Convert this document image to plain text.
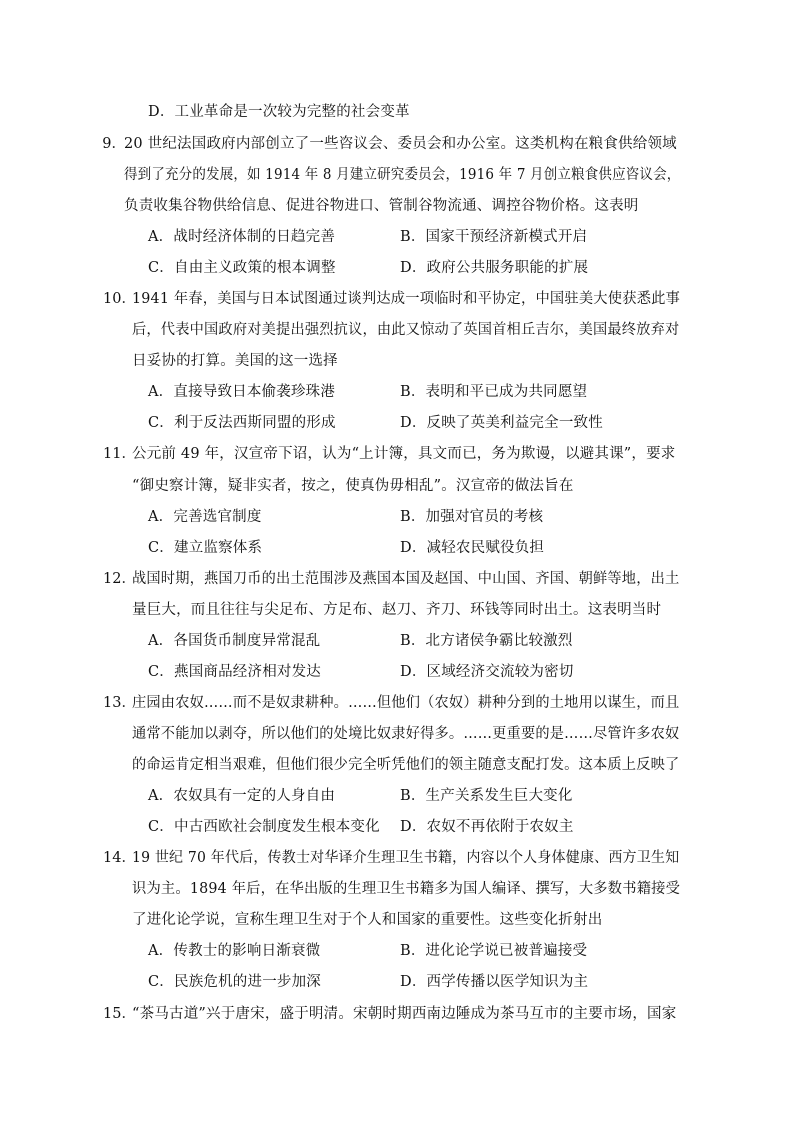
D．工业革命是一次较为完整的社会变革
9．
20 世纪法国政府内部创立了一些咨议会、委员会和办公室。这类机构在粮食供给领域
得到了充分的发展，如 1914 年 8 月建立研究委员会，1916 年 7 月创立粮食供应咨议会，
负责收集谷物供给信息、促进谷物进口、管制谷物流通、调控谷物价格。这表明
A．战时经济体制的日趋完善	B．国家干预经济新模式开启
C．自由主义政策的根本调整	D．政府公共服务职能的扩展
10．
1941 年春，美国与日本试图通过谈判达成一项临时和平协定，中国驻美大使获悉此事
后，代表中国政府对美提出强烈抗议，由此又惊动了英国首相丘吉尔，美国最终放弃对
日妥协的打算。美国的这一选择
A．直接导致日本偷袭珍珠港	B．表明和平已成为共同愿望
C．利于反法西斯同盟的形成	D．反映了英美利益完全一致性
11．
公元前 49 年，汉宣帝下诏，认为“上计簿，具文而已，务为欺谩，以避其课”，要求
“御史察计簿，疑非实者，按之，使真伪毋相乱”。汉宣帝的做法旨在
A．完善选官制度	B．加强对官员的考核
C．建立监察体系	D．减轻农民赋役负担
12．
战国时期，燕国刀币的出土范围涉及燕国本国及赵国、中山国、齐国、朝鲜等地，出土
量巨大，而且往往与尖足布、方足布、赵刀、齐刀、环钱等同时出土。这表明当时
A．各国货币制度异常混乱	B．北方诸侯争霸比较激烈
C．燕国商品经济相对发达	D．区域经济交流较为密切
13．
庄园由农奴……而不是奴隶耕种。……但他们（农奴）耕种分到的土地用以谋生，而且
通常不能加以剥夺，所以他们的处境比奴隶好得多。……更重要的是……尽管许多农奴
的命运肯定相当艰难，但他们很少完全听凭他们的领主随意支配打发。这本质上反映了
A．农奴具有一定的人身自由	B．生产关系发生巨大变化
C．中古西欧社会制度发生根本变化 D．农奴不再依附于农奴主
14．
19 世纪 70 年代后，传教士对华译介生理卫生书籍，内容以个人身体健康、西方卫生知
识为主。1894 年后，在华出版的生理卫生书籍多为国人编译、撰写，大多数书籍接受
了进化论学说，宣称生理卫生对于个人和国家的重要性。这些变化折射出
A．传教士的影响日渐衰微	B．进化论学说已被普遍接受
C．民族危机的进一步加深	D．西学传播以医学知识为主
15．
“茶马古道”兴于唐宋，盛于明清。宋朝时期西南边陲成为茶马互市的主要市场，国家
